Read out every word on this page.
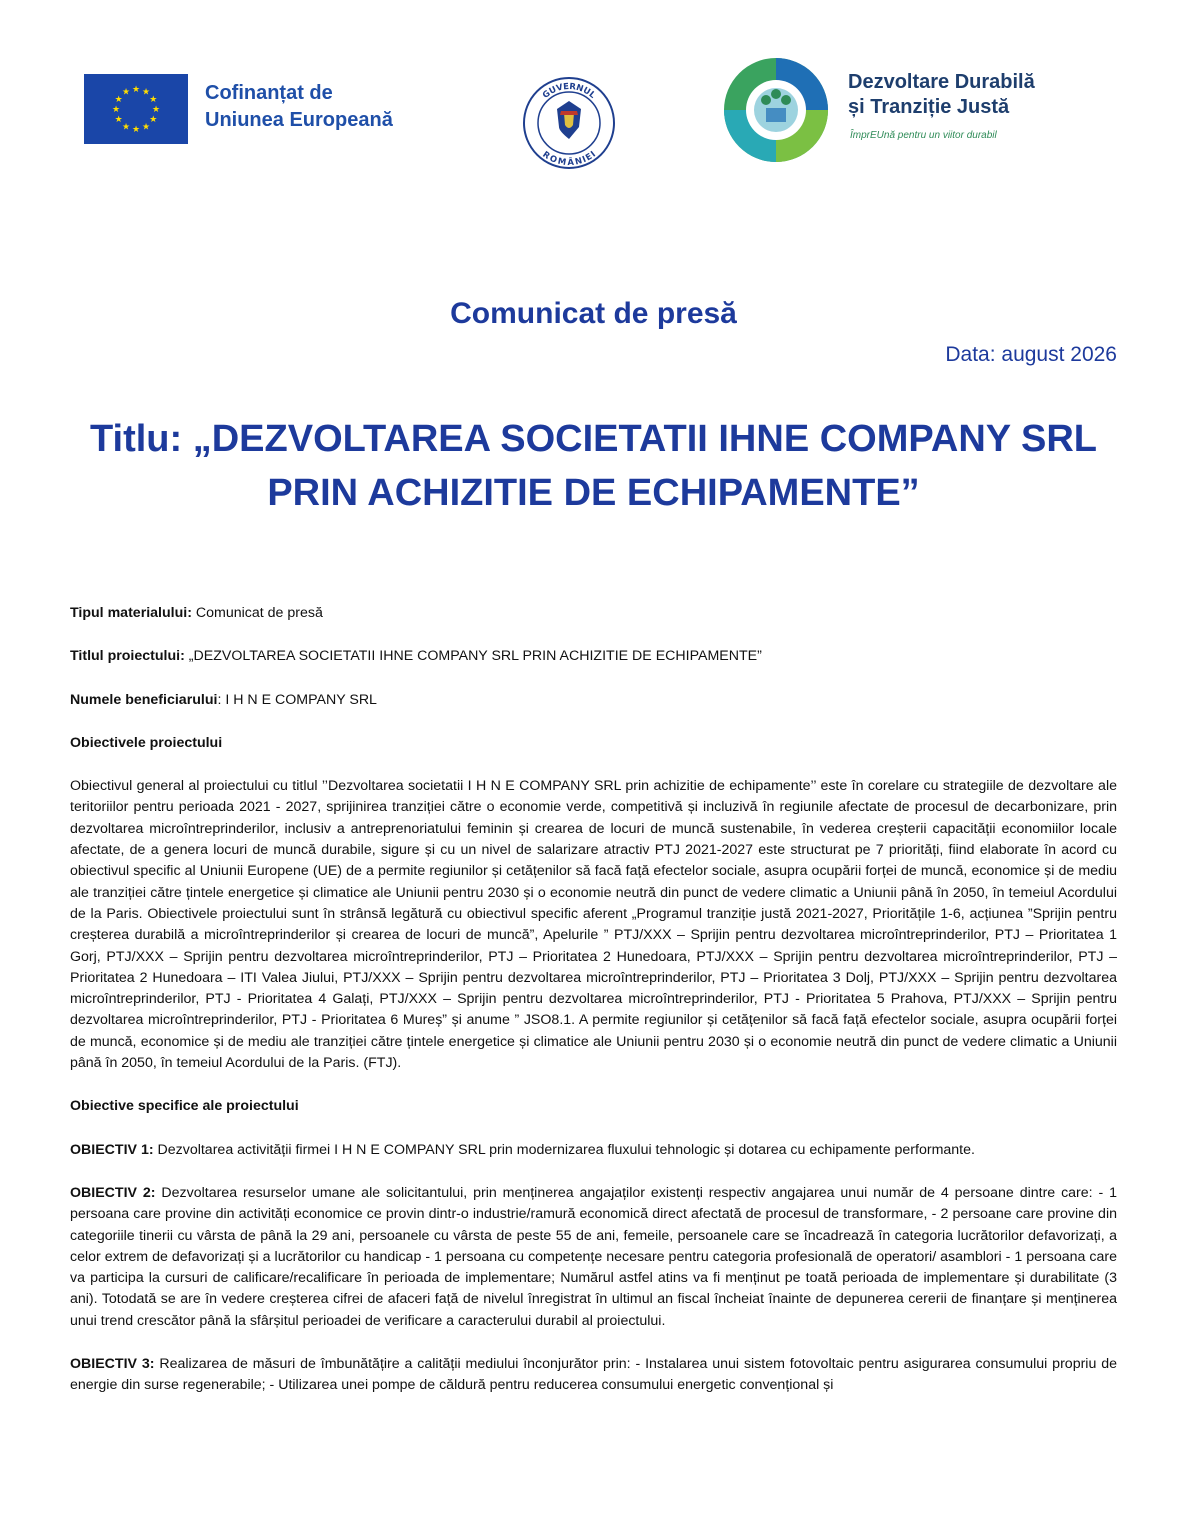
★ ★
★
★
★
★
★
★
★
★
★
★	Cofinanțat de
Uniunea Europeană
GUVERNUL
ROMÂNIEI
Dezvoltare Durabilă
și Tranziție Justă
ÎmprEUnă pentru un viitor durabil
Comunicat de presă
Data: august 2026
Titlu: „DEZVOLTAREA SOCIETATII IHNE COMPANY SRL PRIN ACHIZITIE DE ECHIPAMENTE”

Tipul materialului: Comunicat de presă

Titlul proiectului: „DEZVOLTAREA SOCIETATII IHNE COMPANY SRL PRIN ACHIZITIE DE ECHIPAMENTE”

Numele beneficiarului: I H N E COMPANY SRL

Obiectivele proiectului

Obiectivul general al proiectului cu titlul ’’Dezvoltarea societatii I H N E COMPANY SRL prin achizitie de echipamente’’ este în corelare cu strategiile de dezvoltare ale teritoriilor pentru perioada 2021 - 2027, sprijinirea tranziției către o economie verde, competitivă și incluzivă în regiunile afectate de procesul de decarbonizare, prin dezvoltarea microîntreprinderilor, inclusiv a antreprenoriatului feminin și crearea de locuri de muncă sustenabile, în vederea creșterii capacității economiilor locale afectate, de a genera locuri de muncă durabile, sigure și cu un nivel de salarizare atractiv PTJ 2021-2027 este structurat pe 7 priorități, fiind elaborate în acord cu obiectivul specific al Uniunii Europene (UE) de a permite regiunilor și cetățenilor să facă față efectelor sociale, asupra ocupării forței de muncă, economice și de mediu ale tranziției către țintele energetice și climatice ale Uniunii pentru 2030 și o economie neutră din punct de vedere climatic a Uniunii până în 2050, în temeiul Acordului de la Paris. Obiectivele proiectului sunt în strânsă legătură cu obiectivul specific aferent „Programul tranziție justă 2021-2027, Prioritățile 1-6, acțiunea ”Sprijin pentru creșterea durabilă a microîntreprinderilor și crearea de locuri de muncă”, Apelurile ” PTJ/XXX – Sprijin pentru dezvoltarea microîntreprinderilor, PTJ – Prioritatea 1 Gorj, PTJ/XXX – Sprijin pentru dezvoltarea microîntreprinderilor, PTJ – Prioritatea 2 Hunedoara, PTJ/XXX – Sprijin pentru dezvoltarea microîntreprinderilor, PTJ – Prioritatea 2 Hunedoara – ITI Valea Jiului, PTJ/XXX – Sprijin pentru dezvoltarea microîntreprinderilor, PTJ – Prioritatea 3 Dolj, PTJ/XXX – Sprijin pentru dezvoltarea microîntreprinderilor, PTJ - Prioritatea 4 Galați, PTJ/XXX – Sprijin pentru dezvoltarea microîntreprinderilor, PTJ - Prioritatea 5 Prahova, PTJ/XXX – Sprijin pentru dezvoltarea microîntreprinderilor, PTJ - Prioritatea 6 Mureș” și anume ” JSO8.1. A permite regiunilor și cetățenilor să facă față efectelor sociale, asupra ocupării forței de muncă, economice și de mediu ale tranziției către țintele energetice și climatice ale Uniunii pentru 2030 și o economie neutră din punct de vedere climatic a Uniunii până în 2050, în temeiul Acordului de la Paris. (FTJ).

Obiective specifice ale proiectului

OBIECTIV 1: Dezvoltarea activității firmei I H N E COMPANY SRL prin modernizarea fluxului tehnologic și dotarea cu echipamente performante.

OBIECTIV 2: Dezvoltarea resurselor umane ale solicitantului, prin menținerea angajaților existenți respectiv angajarea unui număr de 4 persoane dintre care: - 1 persoana care provine din activități economice ce provin dintr-o industrie/ramură economică direct afectată de procesul de transformare, - 2 persoane care provine din categoriile tinerii cu vârsta de până la 29 ani, persoanele cu vârsta de peste 55 de ani, femeile, persoanele care se încadrează în categoria lucrătorilor defavorizați, a celor extrem de defavorizați și a lucrătorilor cu handicap - 1 persoana cu competențe necesare pentru categoria profesională de operatori/ asamblori - 1 persoana care va participa la cursuri de calificare/recalificare în perioada de implementare; Numărul astfel atins va fi menținut pe toată perioada de implementare și durabilitate (3 ani). Totodată se are în vedere creșterea cifrei de afaceri față de nivelul înregistrat în ultimul an fiscal încheiat înainte de depunerea cererii de finanțare și menținerea unui trend crescător până la sfârșitul perioadei de verificare a caracterului durabil al proiectului.

OBIECTIV 3: Realizarea de măsuri de îmbunătățire a calității mediului înconjurător prin: - Instalarea unui sistem fotovoltaic pentru asigurarea consumului propriu de energie din surse regenerabile; - Utilizarea unei pompe de căldură pentru reducerea consumului energetic convențional și
